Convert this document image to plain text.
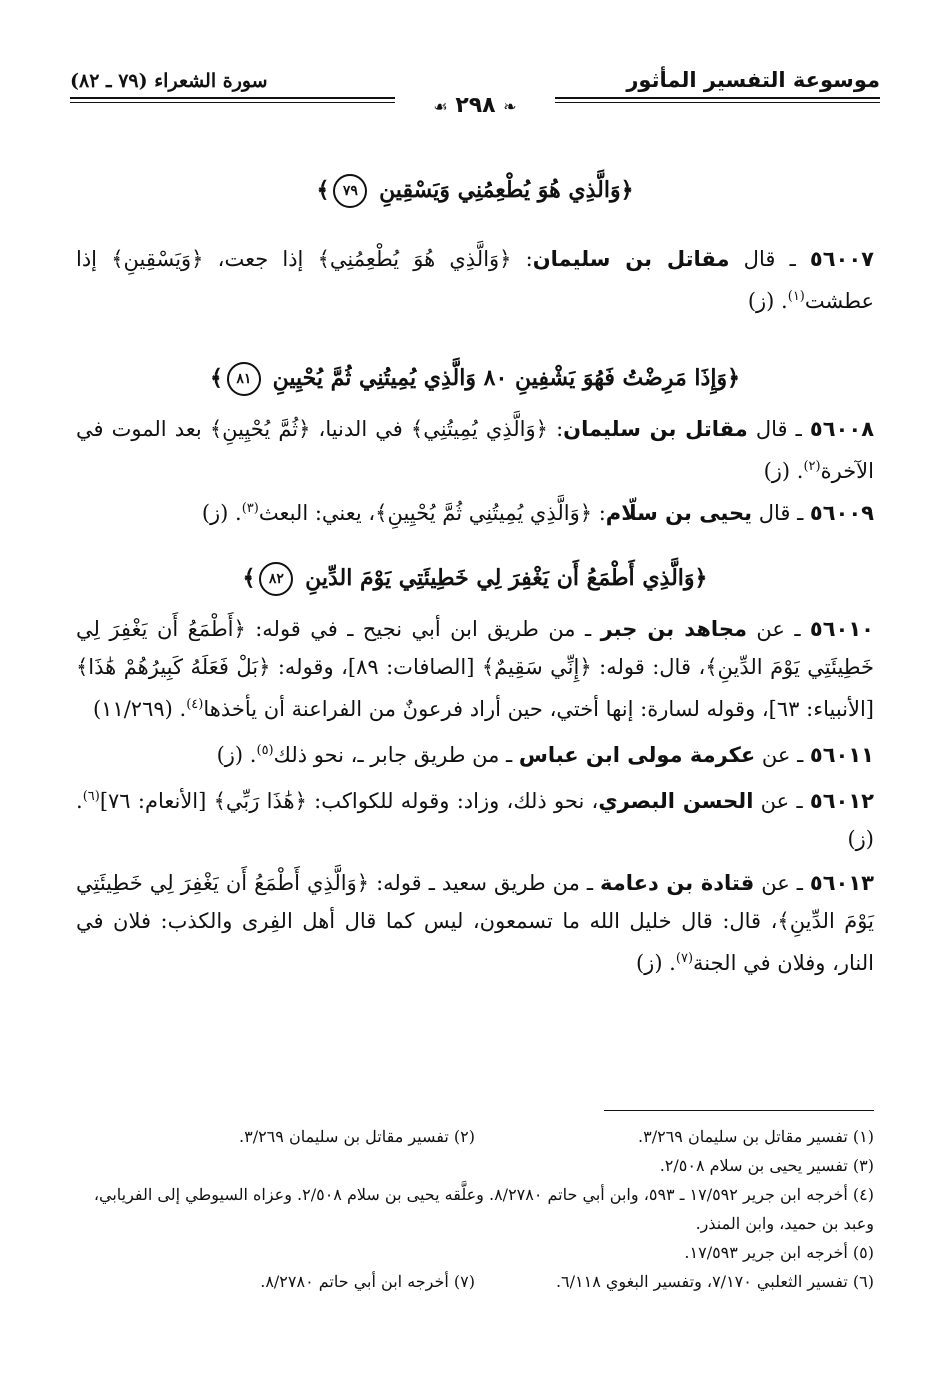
موسوعة التفسير المأثور
سورة الشعراء (٧٩ ـ ٨٢)
❧ ٢٩٨ ☙

﴿وَالَّذِي هُوَ يُطْعِمُنِي وَيَسْقِينِ ٧٩﴾

٥٦٠٠٧ ـ قال مقاتل بن سليمان: ﴿وَالَّذِي هُوَ يُطْعِمُنِي﴾ إذا جعت، ﴿وَيَسْقِينِ﴾ إذا عطشت$^{(١)}$. (ز)

﴿وَإِذَا مَرِضْتُ فَهُوَ يَشْفِينِ ٨٠ وَالَّذِي يُمِيتُنِي ثُمَّ يُحْيِينِ ٨١﴾

٥٦٠٠٨ ـ قال مقاتل بن سليمان: ﴿وَالَّذِي يُمِيتُنِي﴾ في الدنيا، ﴿ثُمَّ يُحْيِينِ﴾ بعد الموت في الآخرة$^{(٢)}$. (ز)

٥٦٠٠٩ ـ قال يحيى بن سلّام: ﴿وَالَّذِي يُمِيتُنِي ثُمَّ يُحْيِينِ﴾، يعني: البعث$^{(٣)}$. (ز)

﴿وَالَّذِي أَطْمَعُ أَن يَغْفِرَ لِي خَطِيئَتِي يَوْمَ الدِّينِ ٨٢﴾

٥٦٠١٠ ـ عن مجاهد بن جبر ـ من طريق ابن أبي نجيح ـ في قوله: ﴿أَطْمَعُ أَن يَغْفِرَ لِي خَطِيئَتِي يَوْمَ الدِّينِ﴾، قال: قوله: ﴿إِنِّي سَقِيمٌ﴾ [الصافات: ٨٩]، وقوله: ﴿بَلْ فَعَلَهُ كَبِيرُهُمْ هَٰذَا﴾ [الأنبياء: ٦٣]، وقوله لسارة: إنها أختي، حين أراد فرعونٌ من الفراعنة أن يأخذها$^{(٤)}$. (١١/٢٦٩)

٥٦٠١١ ـ عن عكرمة مولى ابن عباس ـ من طريق جابر ـ، نحو ذلك$^{(٥)}$. (ز)

٥٦٠١٢ ـ عن الحسن البصري، نحو ذلك، وزاد: وقوله للكواكب: ﴿هَٰذَا رَبِّي﴾ [الأنعام: ٧٦]$^{(٦)}$. (ز)

٥٦٠١٣ ـ عن قتادة بن دعامة ـ من طريق سعيد ـ قوله: ﴿وَالَّذِي أَطْمَعُ أَن يَغْفِرَ لِي خَطِيئَتِي يَوْمَ الدِّينِ﴾، قال: قال خليل الله ما تسمعون، ليس كما قال أهل الفِرى والكذب: فلان في النار، وفلان في الجنة$^{(٧)}$. (ز)

(١) تفسير مقاتل بن سليمان ٣/٢٦٩.
(٢) تفسير مقاتل بن سليمان ٣/٢٦٩.
(٣) تفسير يحيى بن سلام ٢/٥٠٨.
(٤) أخرجه ابن جرير ١٧/٥٩٢ ـ ٥٩٣، وابن أبي حاتم ٨/٢٧٨٠. وعلَّقه يحيى بن سلام ٢/٥٠٨. وعزاه السيوطي إلى الفريابي، وعبد بن حميد، وابن المنذر.
(٥) أخرجه ابن جرير ١٧/٥٩٣.
(٦) تفسير الثعلبي ٧/١٧٠، وتفسير البغوي ٦/١١٨.
(٧) أخرجه ابن أبي حاتم ٨/٢٧٨٠.
